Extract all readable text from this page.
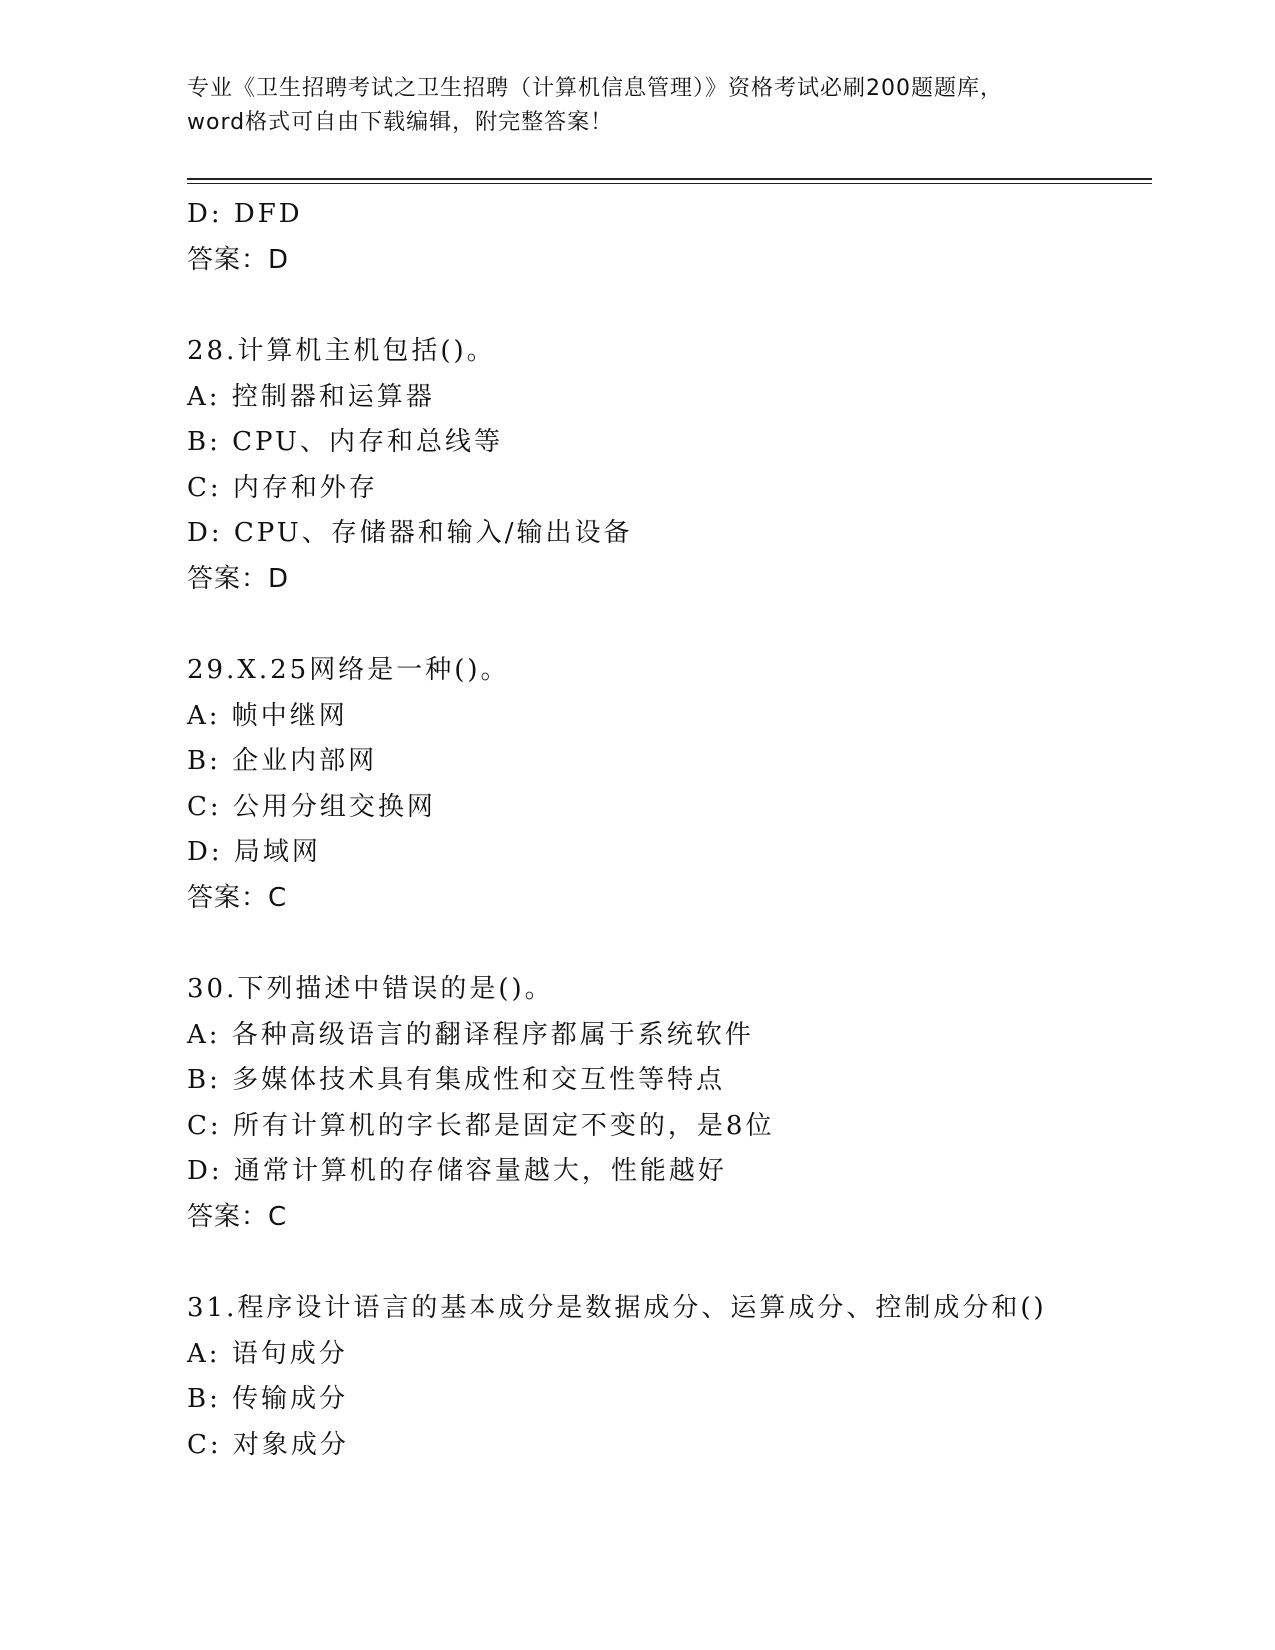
专业《卫生招聘考试之卫生招聘（计算机信息管理）》资格考试必刷200题题库，
word格式可自由下载编辑，附完整答案！
D: DFD
答案：D
28.计算机主机包括()。
A: 控制器和运算器
B: CPU、内存和总线等
C: 内存和外存
D: CPU、存储器和输入/输出设备
答案：D
29.X.25网络是一种()。
A: 帧中继网
B: 企业内部网
C: 公用分组交换网
D: 局域网
答案：C
30.下列描述中错误的是()。
A: 各种高级语言的翻译程序都属于系统软件
B: 多媒体技术具有集成性和交互性等特点
C: 所有计算机的字长都是固定不变的，是8位
D: 通常计算机的存储容量越大，性能越好
答案：C
31.程序设计语言的基本成分是数据成分、运算成分、控制成分和()
A: 语句成分
B: 传输成分
C: 对象成分
